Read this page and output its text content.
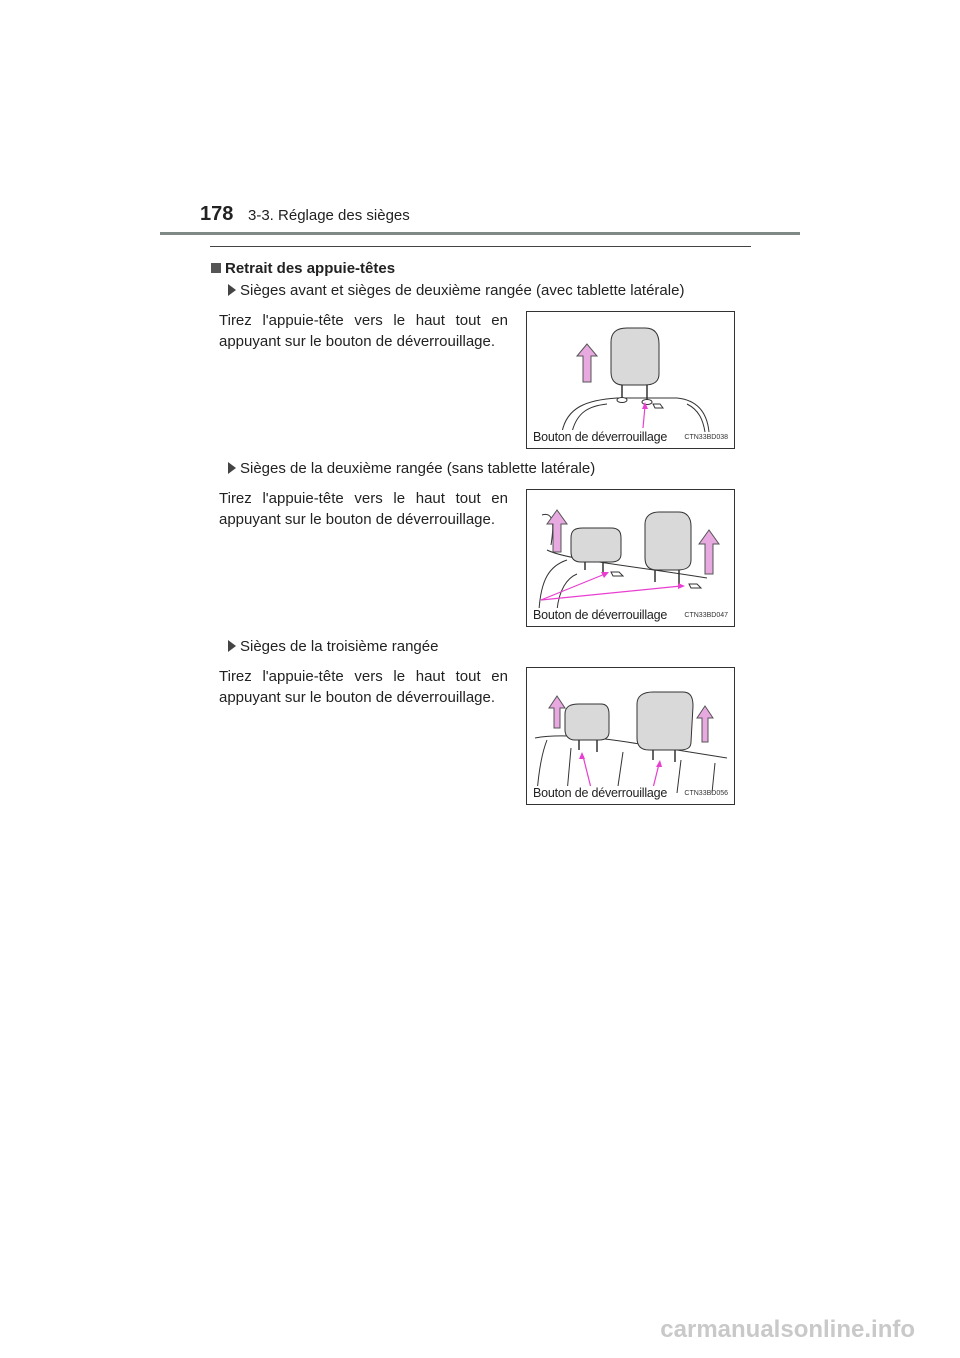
178 3-3. Réglage des sièges
Retrait des appuie-têtes
Sièges avant et sièges de deuxième rangée (avec tablette latérale)
Tirez l'appuie-tête vers le haut tout en appuyant sur le bouton de déverrouillage.
Bouton de déverrouillage CTN33BD038
Sièges de la deuxième rangée (sans tablette latérale)
Tirez l'appuie-tête vers le haut tout en appuyant sur le bouton de déverrouillage.
Bouton de déverrouillage CTN33BD047
Sièges de la troisième rangée
Tirez l'appuie-tête vers le haut tout en appuyant sur le bouton de déverrouillage.
Bouton de déverrouillage CTN33BD056
carmanualsonline.info
